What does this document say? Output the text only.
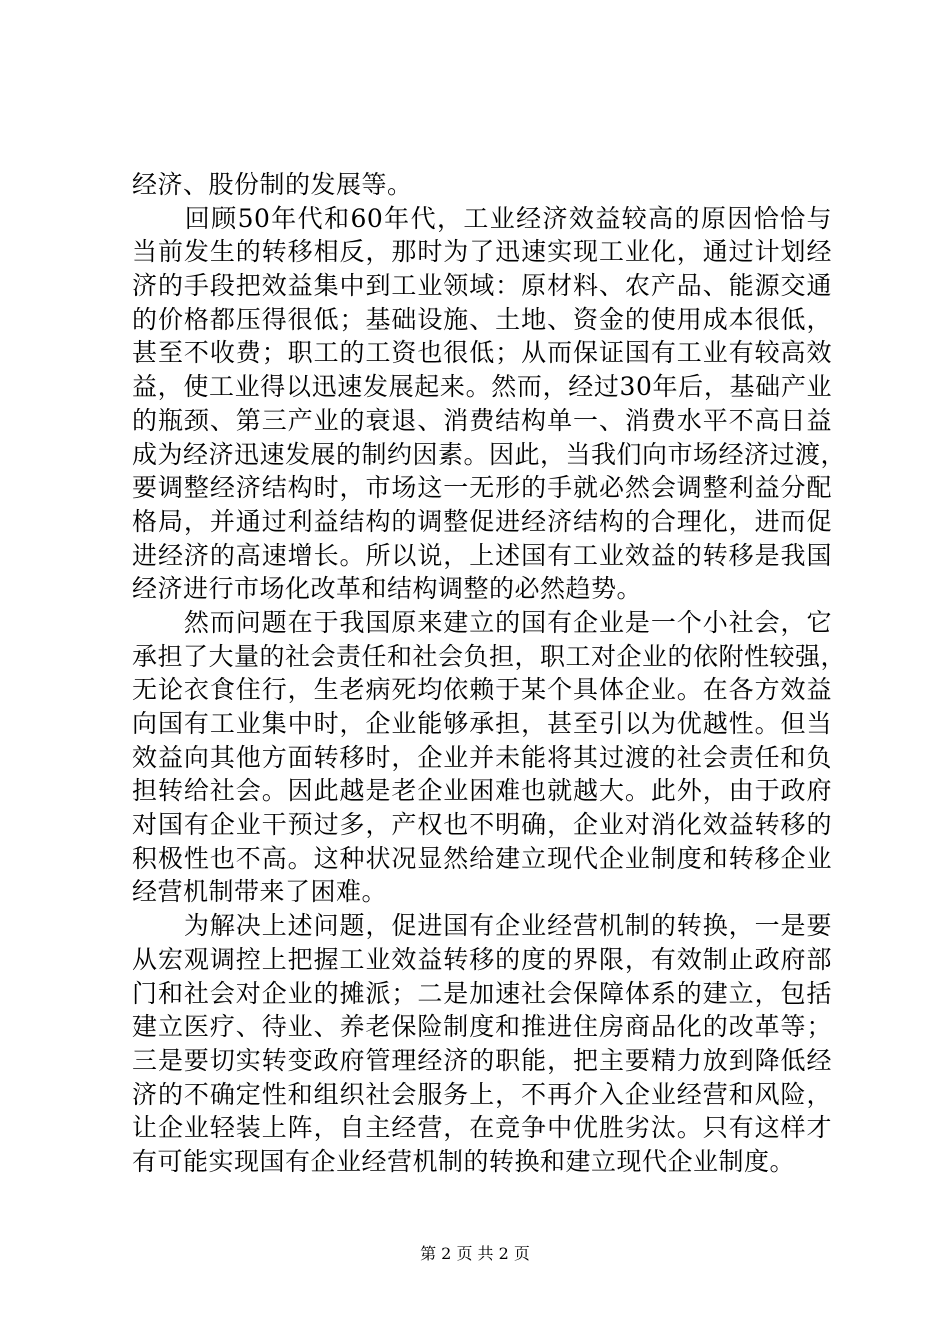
经济、股份制的发展等。
　　回顾50年代和60年代，工业经济效益较高的原因恰恰与
当前发生的转移相反，那时为了迅速实现工业化，通过计划经
济的手段把效益集中到工业领域：原材料、农产品、能源交通
的价格都压得很低；基础设施、土地、资金的使用成本很低，
甚至不收费；职工的工资也很低；从而保证国有工业有较高效
益，使工业得以迅速发展起来。然而，经过30年后，基础产业
的瓶颈、第三产业的衰退、消费结构单一、消费水平不高日益
成为经济迅速发展的制约因素。因此，当我们向市场经济过渡，
要调整经济结构时，市场这一无形的手就必然会调整利益分配
格局，并通过利益结构的调整促进经济结构的合理化，进而促
进经济的高速增长。所以说，上述国有工业效益的转移是我国
经济进行市场化改革和结构调整的必然趋势。
　　然而问题在于我国原来建立的国有企业是一个小社会，它
承担了大量的社会责任和社会负担，职工对企业的依附性较强，
无论衣食住行，生老病死均依赖于某个具体企业。在各方效益
向国有工业集中时，企业能够承担，甚至引以为优越性。但当
效益向其他方面转移时，企业并未能将其过渡的社会责任和负
担转给社会。因此越是老企业困难也就越大。此外，由于政府
对国有企业干预过多，产权也不明确，企业对消化效益转移的
积极性也不高。这种状况显然给建立现代企业制度和转移企业
经营机制带来了困难。
　　为解决上述问题，促进国有企业经营机制的转换，一是要
从宏观调控上把握工业效益转移的度的界限，有效制止政府部
门和社会对企业的摊派；二是加速社会保障体系的建立，包括
建立医疗、待业、养老保险制度和推进住房商品化的改革等；
三是要切实转变政府管理经济的职能，把主要精力放到降低经
济的不确定性和组织社会服务上，不再介入企业经营和风险，
让企业轻装上阵，自主经营，在竞争中优胜劣汰。只有这样才
有可能实现国有企业经营机制的转换和建立现代企业制度。
第 2 页 共 2 页
